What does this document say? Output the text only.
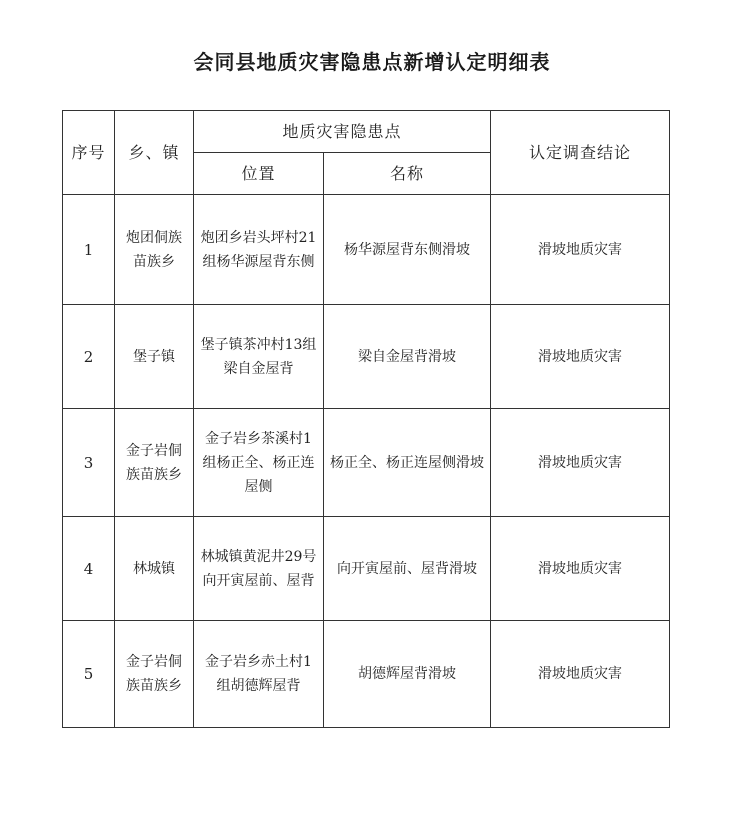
会同县地质灾害隐患点新增认定明细表
序号	乡、镇	地质灾害隐患点		认定调查结论
		位置	名称	
1	炮团侗族苗族乡	炮团乡岩头坪村21组杨华源屋背东侧	杨华源屋背东侧滑坡	滑坡地质灾害
2	堡子镇	堡子镇茶冲村13组梁自金屋背	梁自金屋背滑坡	滑坡地质灾害
3	金子岩侗族苗族乡	金子岩乡茶溪村1组杨正全、杨正连屋侧	杨正全、杨正连屋侧滑坡	滑坡地质灾害
4	林城镇	林城镇黄泥井29号向开寅屋前、屋背	向开寅屋前、屋背滑坡	滑坡地质灾害
5	金子岩侗族苗族乡	金子岩乡赤土村1组胡德辉屋背	胡德辉屋背滑坡	滑坡地质灾害
